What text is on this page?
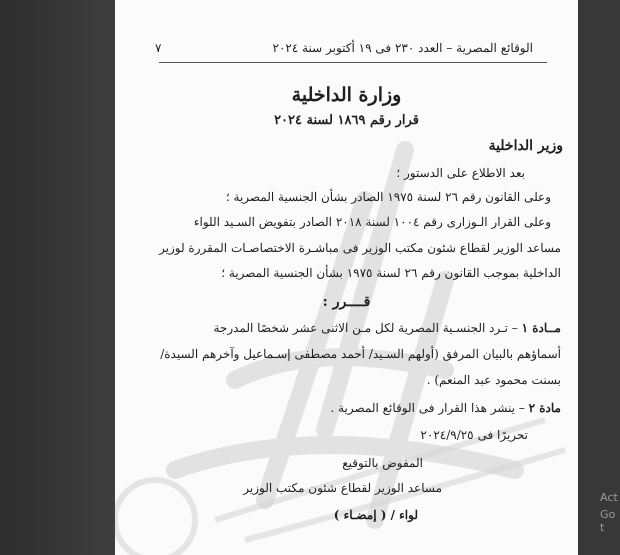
الوقائع المصرية – العدد ٢٣٠ فى ١٩ أكتوبر سنة ٢٠٢٤
٧
وزارة الداخلية
قرار رقم ١٨٦٩ لسنة ٢٠٢٤
وزير الداخلية
بعد الاطلاع على الدستور ؛
وعلى القانون رقم ٢٦ لسنة ١٩٧٥ الصادر بشأن الجنسية المصرية ؛
وعلى القرار الـوزارى رقم ١٠٠٤ لسنة ٢٠١٨ الصادر بتفويض السـيد اللواء
مساعد الوزير لقطاع شئون مكتب الوزير فى مباشـرة الاختصاصـات المقررة لوزير
الداخلية بموجب القانون رقم ٢٦ لسنة ١٩٧٥ بشأن الجنسية المصرية ؛
قــــرر :
مــادة ١ – تـرد الجنسـية المصرية لكل مـن الاثنى عشر شخصًا المدرجة
أسماؤهم بالبيان المرفق (أولهم السـيد/ أحمد مصطفى إسـماعيل وآخرهم السيدة/
بسنت محمود عبد المنعم) .
مادة ٢ – ينشر هذا القرار فى الوقائع المصرية .
تحريرًا فى ٢٠٢٤/٩/٢٥
المفوض بالتوقيع
مساعد الوزير لقطاع شئون مكتب الوزير
لواء / ( إمضـاء )
Act
Go t
